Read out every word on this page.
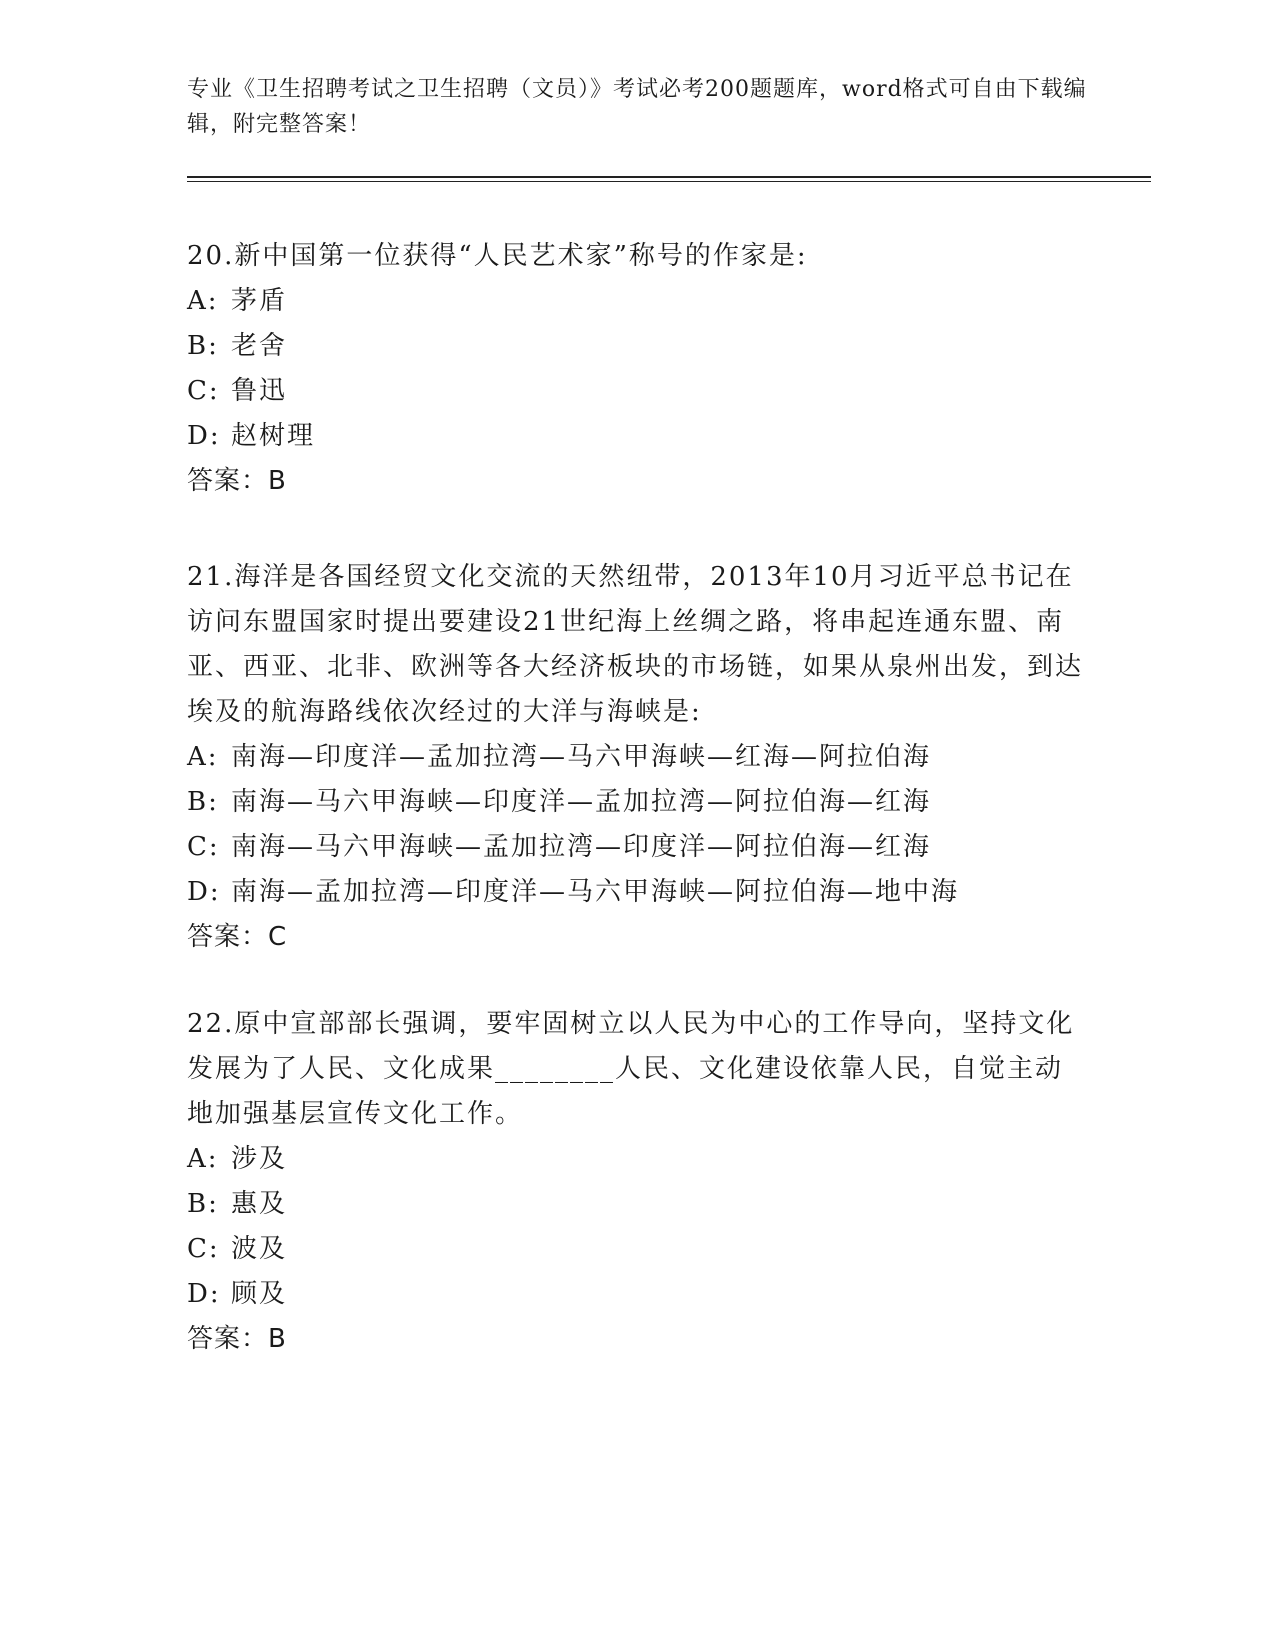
专业《卫生招聘考试之卫生招聘（文员）》考试必考200题题库，word格式可自由下载编辑，附完整答案！

20.新中国第一位获得“人民艺术家”称号的作家是:

A: 茅盾

B: 老舍

C: 鲁迅

D: 赵树理

答案：B

21.海洋是各国经贸文化交流的天然纽带，2013年10月习近平总书记在访问东盟国家时提出要建设21世纪海上丝绸之路，将串起连通东盟、南亚、西亚、北非、欧洲等各大经济板块的市场链，如果从泉州出发，到达埃及的航海路线依次经过的大洋与海峡是:

A: 南海—印度洋—孟加拉湾—马六甲海峡—红海—阿拉伯海

B: 南海—马六甲海峡—印度洋—孟加拉湾—阿拉伯海—红海

C: 南海—马六甲海峡—孟加拉湾—印度洋—阿拉伯海—红海

D: 南海—孟加拉湾—印度洋—马六甲海峡—阿拉伯海—地中海

答案：C

22.原中宣部部长强调，要牢固树立以人民为中心的工作导向，坚持文化发展为了人民、文化成果________人民、文化建设依靠人民，自觉主动地加强基层宣传文化工作。

A: 涉及

B: 惠及

C: 波及

D: 顾及

答案：B
